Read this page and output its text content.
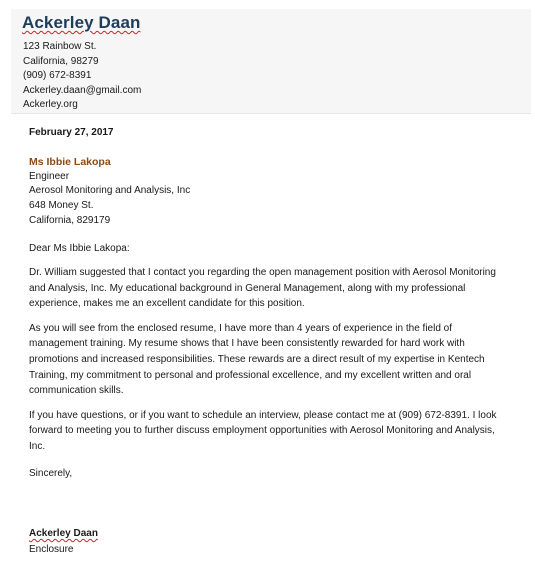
Ackerley Daan
123 Rainbow St.
California, 98279
(909) 672-8391
Ackerley.daan@gmail.com
Ackerley.org
February 27, 2017
Ms Ibbie Lakopa
Engineer
Aerosol Monitoring and Analysis, Inc
648 Money St.
California, 829179
Dear Ms Ibbie Lakopa:

Dr. William suggested that I contact you regarding the open management position with Aerosol Monitoring and Analysis, Inc. My educational background in General Management, along with my professional experience, makes me an excellent candidate for this position.

As you will see from the enclosed resume, I have more than 4 years of experience in the field of management training. My resume shows that I have been consistently rewarded for hard work with promotions and increased responsibilities. These rewards are a direct result of my expertise in Kentech Training, my commitment to personal and professional excellence, and my excellent written and oral communication skills.

If you have questions, or if you want to schedule an interview, please contact me at (909) 672-8391. I look forward to meeting you to further discuss employment opportunities with Aerosol Monitoring and Analysis, Inc.

Sincerely,
Ackerley Daan
Enclosure
